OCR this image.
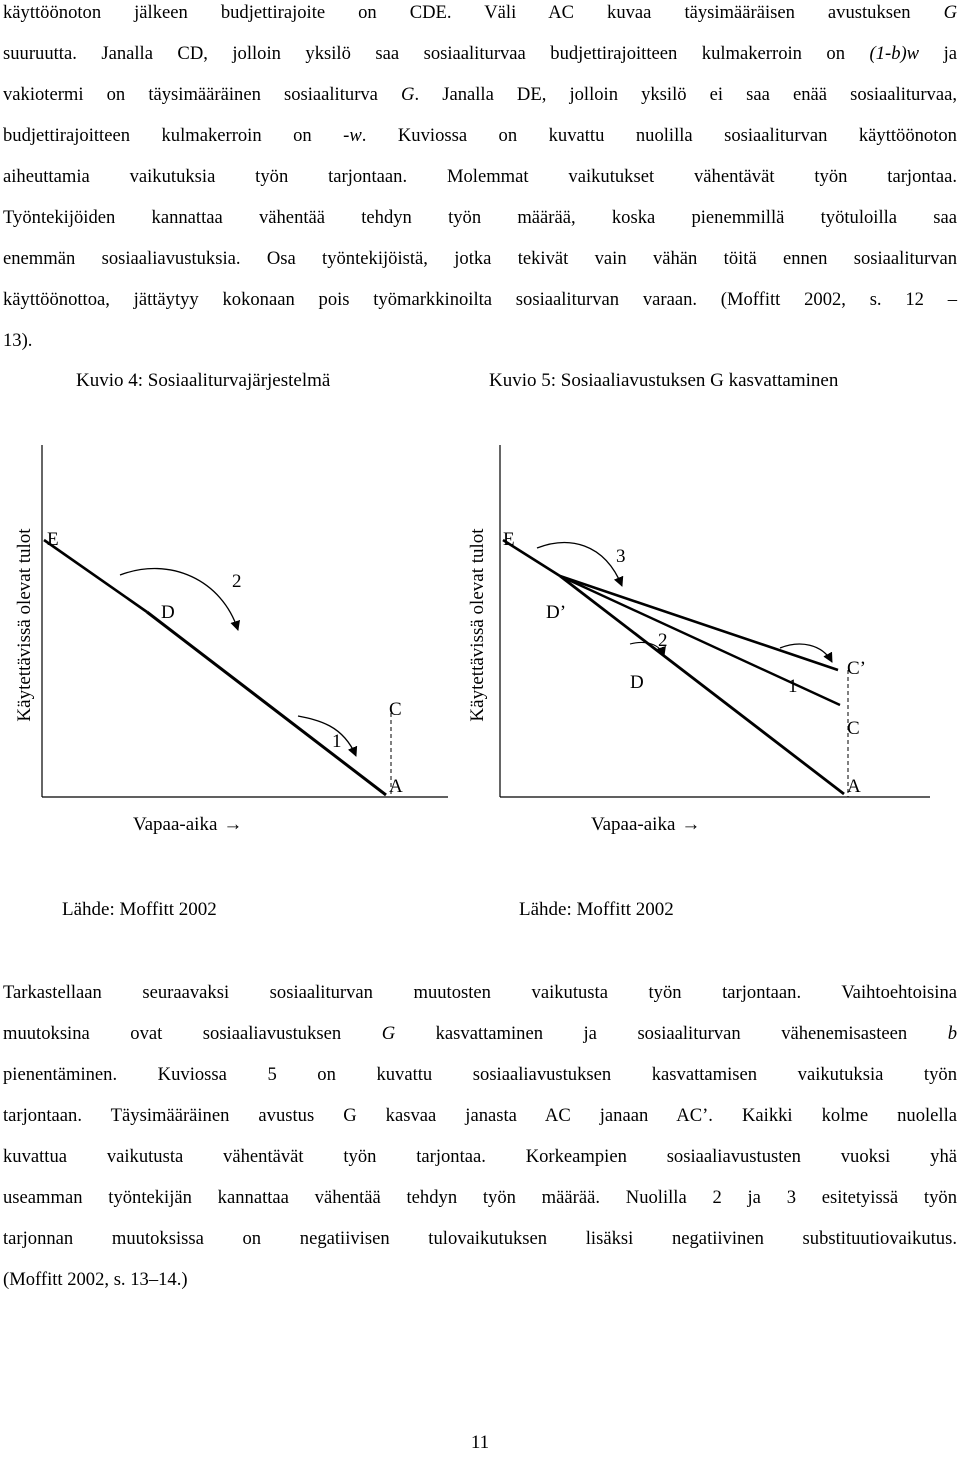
käyttöönoton jälkeen budjettirajoite on CDE. Väli AC kuvaa täysimääräisen avustuksen G
suuruutta. Janalla CD, jolloin yksilö saa sosiaaliturvaa budjettirajoitteen kulmakerroin on (1-b)w ja
vakiotermi on täysimääräinen sosiaaliturva G. Janalla DE, jolloin yksilö ei saa enää sosiaaliturvaa,
budjettirajoitteen kulmakerroin on -w. Kuviossa on kuvattu nuolilla sosiaaliturvan käyttöönoton
aiheuttamia vaikutuksia työn tarjontaan. Molemmat vaikutukset vähentävät työn tarjontaa.
Työntekijöiden kannattaa vähentää tehdyn työn määrää, koska pienemmillä työtuloilla saa
enemmän sosiaaliavustuksia. Osa työntekijöistä, jotka tekivät vain vähän töitä ennen sosiaaliturvan
käyttöönottoa, jättäytyy kokonaan pois työmarkkinoilta sosiaaliturvan varaan. (Moffitt 2002, s. 12 –
13).
Kuvio 4: Sosiaaliturvajärjestelmä
E
D
2
1
C
A
Vapaa-aika →
Käytettävissä olevat tulot
Kuvio 5: Sosiaaliavustuksen G kasvattaminen
E
3
D’
2
D	1
C’
C
A
Vapaa-aika →
Käytettävissä olevat tulot
Lähde: Moffitt 2002	Lähde: Moffitt 2002
Tarkastellaan seuraavaksi sosiaaliturvan muutosten vaikutusta työn tarjontaan. Vaihtoehtoisina
muutoksina ovat sosiaaliavustuksen G kasvattaminen ja sosiaaliturvan vähenemisasteen b
pienentäminen. Kuviossa 5 on kuvattu sosiaaliavustuksen kasvattamisen vaikutuksia työn
tarjontaan. Täysimääräinen avustus G kasvaa janasta AC janaan AC’. Kaikki kolme nuolella
kuvattua vaikutusta vähentävät työn tarjontaa. Korkeampien sosiaaliavustusten vuoksi yhä
useamman työntekijän kannattaa vähentää tehdyn työn määrää. Nuolilla 2 ja 3 esitetyissä työn
tarjonnan muutoksissa on negatiivisen tulovaikutuksen lisäksi negatiivinen substituutiovaikutus.
(Moffitt 2002, s. 13–14.)
11
